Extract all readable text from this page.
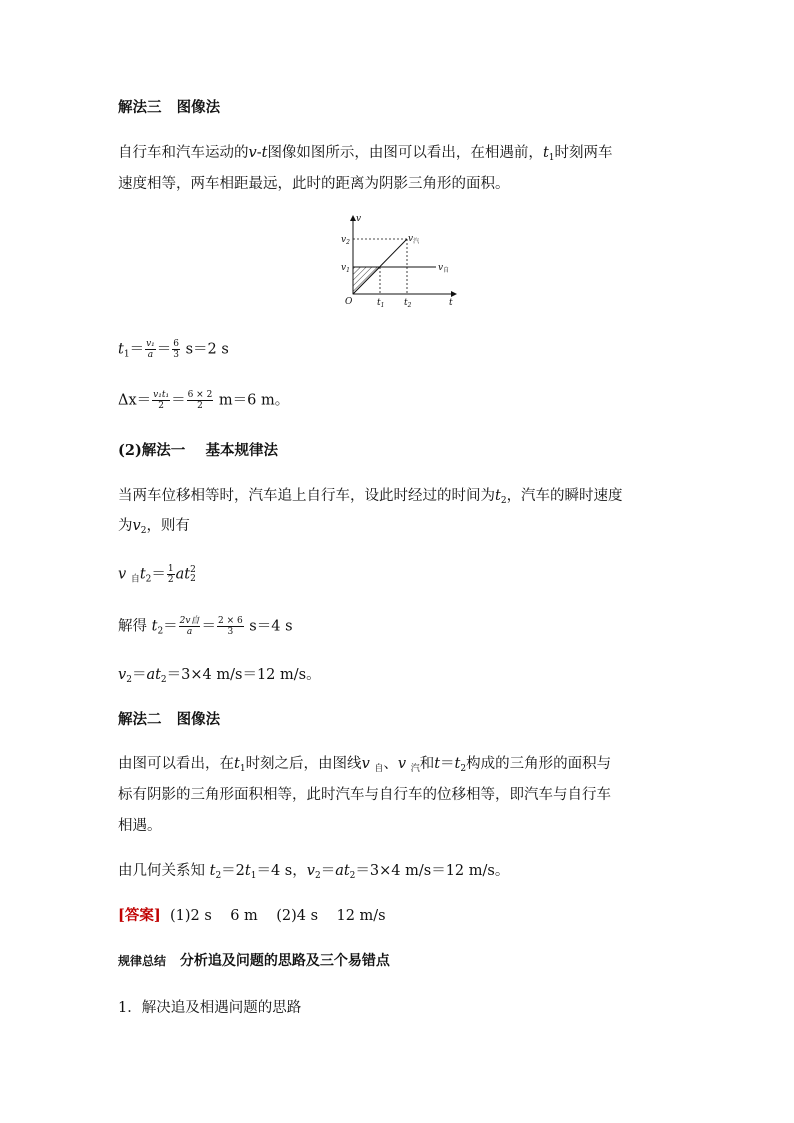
解法三 图像法
自行车和汽车运动的v-t图像如图所示，由图可以看出，在相遇前，$t_1$时刻两车
速度相等，两车相距最远，此时的距离为阴影三角形的面积。
v
t
O
$v_2$
$v_1$
$t_1$ $t_2$
$v_汽$
$v_自$
$t_1= \frac{\text{v₁}}{a} = \frac{6}{3} s=2$ s
$\Delta x= \frac{\text{v₁t₁}}{2} = \frac{6 \times 2}{2} m=6$ m。
(2)解法一 基本规律法
当两车位移相等时，汽车追上自行车，设此时经过的时间为$t_2$，汽车的瞬时速度
为$v_2$，则有
v $_自t_2= \frac{1}{2}$ at 2
2
解得 $t_2= \frac{\text{2v自}}{a} = \frac{2 \times 6}{3} s=4$ s
$v_2=at_2=3\times 4$ m/s＝12 m/s。
解法二 图像法
由图可以看出，在$t_1$时刻之后，由图线v $_自$、v $_汽$和$t=t_2$构成的三角形的面积与
标有阴影的三角形面积相等，此时汽车与自行车的位移相等，即汽车与自行车
相遇。
由几何关系知 $t_2=2t_1=4$ s，$v_2=at_2=3\times 4$ m/s＝12 m/s。
[答案]  (1)2 s    6 m    (2)4 s    12 m/s
规律总结 分析追及问题的思路及三个易错点
1．解决追及相遇问题的思路
